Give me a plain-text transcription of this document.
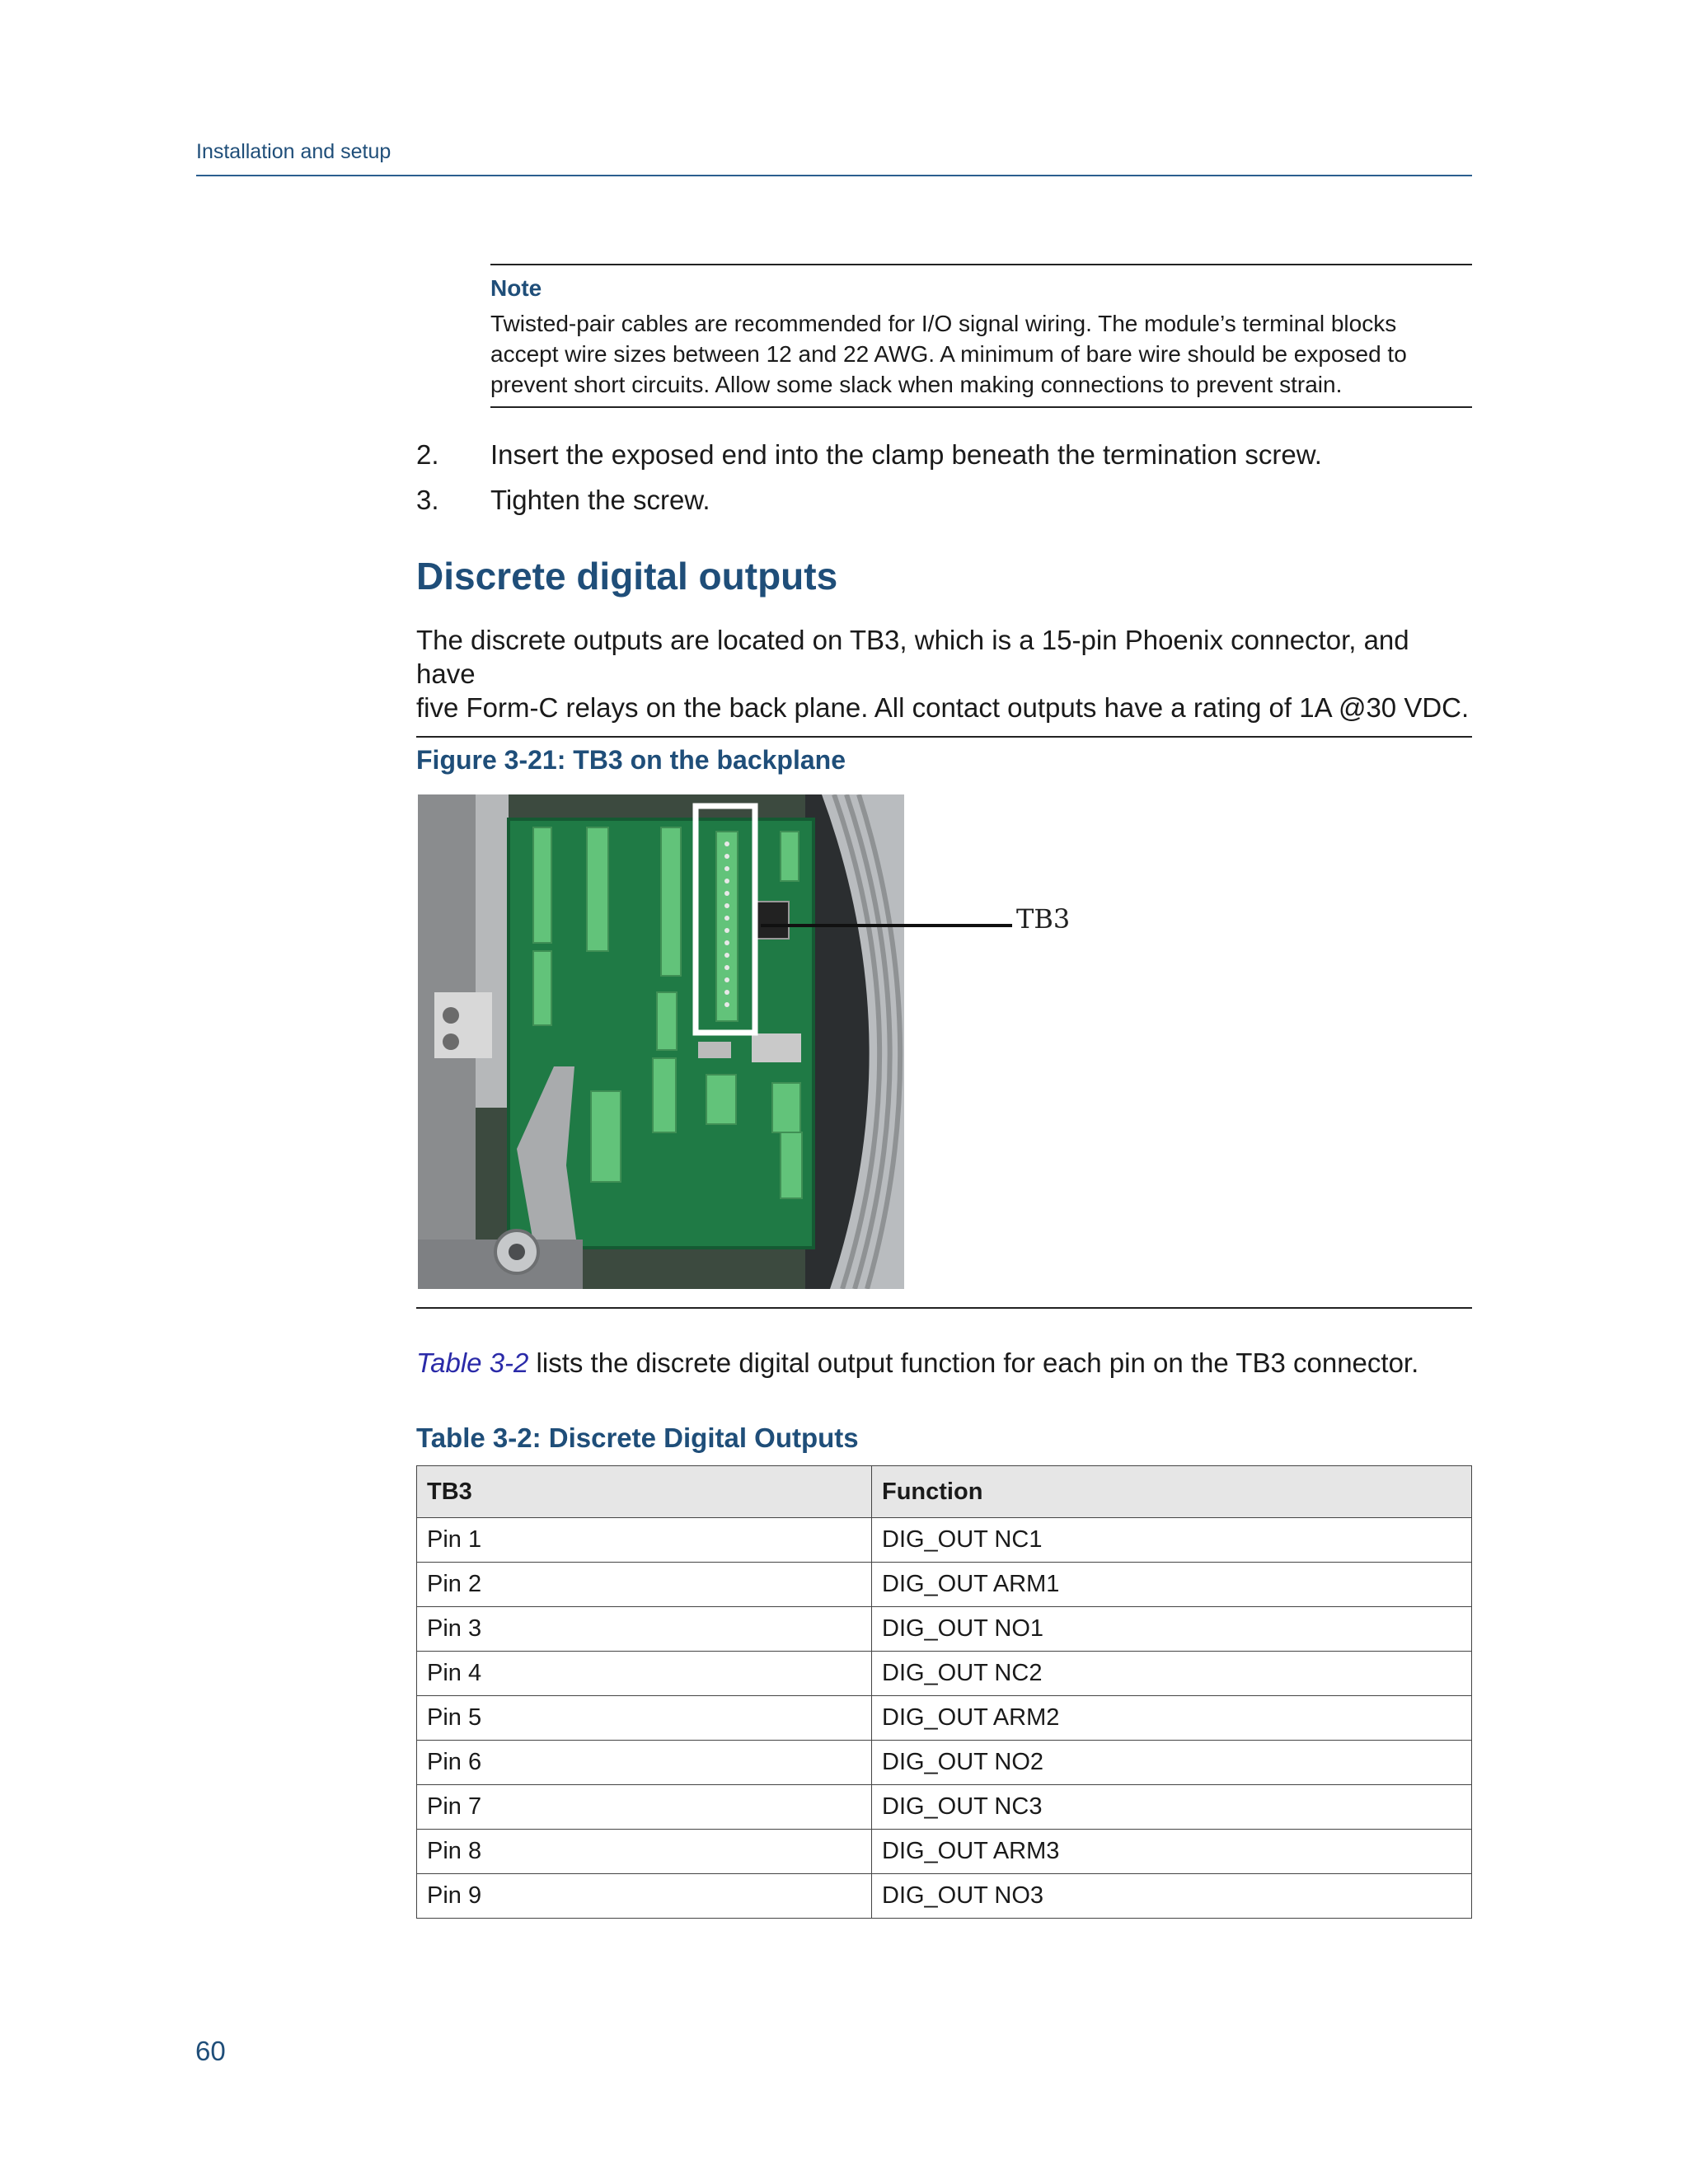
Installation and setup
Note
Twisted-pair cables are recommended for I/O signal wiring. The module’s terminal blocks
accept wire sizes between 12 and 22 AWG. A minimum of bare wire should be exposed to
prevent short circuits. Allow some slack when making connections to prevent strain.
2.	Insert the exposed end into the clamp beneath the termination screw.
3.	Tighten the screw.
Discrete digital outputs
The discrete outputs are located on TB3, which is a 15-pin Phoenix connector, and have
five Form-C relays on the back plane. All contact outputs have a rating of 1A @30 VDC.
Figure 3-21: TB3 on the backplane
TB3
Table 3-2 lists the discrete digital output function for each pin on the TB3 connector.
Table 3-2: Discrete Digital Outputs
TB3	Function
Pin 1	DIG_OUT NC1
Pin 2	DIG_OUT ARM1
Pin 3	DIG_OUT NO1
Pin 4	DIG_OUT NC2
Pin 5	DIG_OUT ARM2
Pin 6	DIG_OUT NO2
Pin 7	DIG_OUT NC3
Pin 8	DIG_OUT ARM3
Pin 9	DIG_OUT NO3
60
